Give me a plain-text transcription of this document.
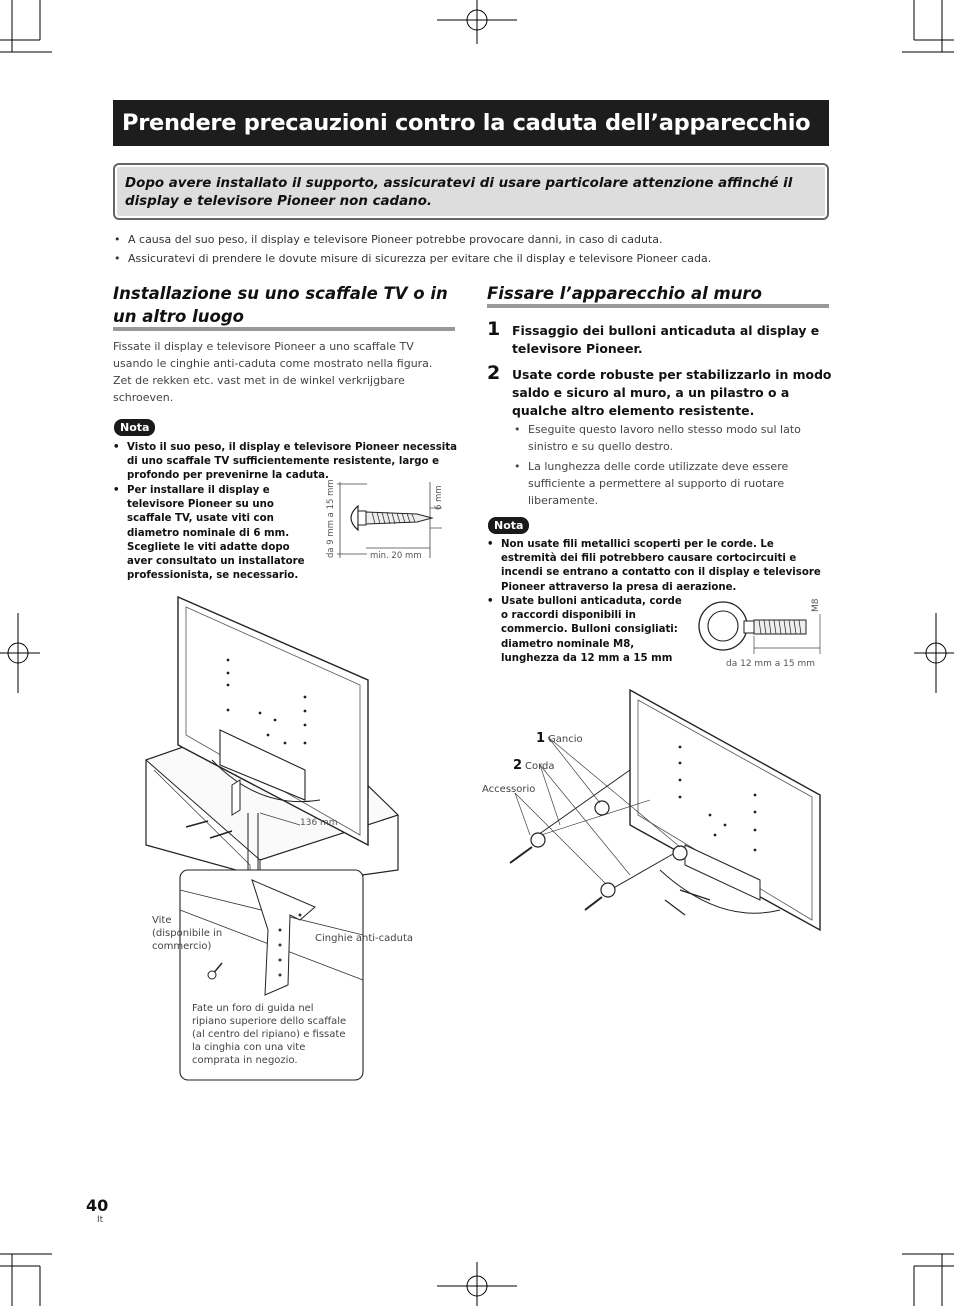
Prendere precauzioni contro la caduta dell’apparecchio

Dopo avere installato il supporto, assicuratevi di usare particolare attenzione affinché il display e televisore Pioneer non cadano.

• A causa del suo peso, il display e televisore Pioneer potrebbe provocare danni, in caso di caduta.
• Assicuratevi di prendere le dovute misure di sicurezza per evitare che il display e televisore Pioneer cada.
Installazione su uno scaffale TV o in un altro luogo
Fissate il display e televisore Pioneer a uno scaffale TV usando le cinghie anti-caduta come mostrato nella figura. Zet de rekken etc. vast met in de winkel verkrijgbare schroeven.
Nota
• Visto il suo peso, il display e televisore Pioneer necessita di uno scaffale TV sufficientemente resistente, largo e profondo per prevenirne la caduta.
• Per installare il display e televisore Pioneer su uno scaffale TV, usate viti con diametro nominale di 6 mm. Scegliete le viti adatte dopo aver consultato un installatore professionista, se necessario.
da 9 mm a 15 mm	6 mm
min. 20 mm
136 mm
Vite
(disponibile in
commercio)
Cinghie anti-caduta
Fate un foro di guida nel
ripiano superiore dello scaffale
(al centro del ripiano) e fissate
la cinghia con una vite
comprata in negozio.
Fissare l’apparecchio al muro
1 Fissaggio dei bulloni anticaduta al display e televisore Pioneer.
2 Usate corde robuste per stabilizzarlo in modo saldo e sicuro al muro, a un pilastro o a qualche altro elemento resistente.
• Eseguite questo lavoro nello stesso modo sul lato sinistro e su quello destro.
• La lunghezza delle corde utilizzate deve essere sufficiente a permettere al supporto di ruotare liberamente.
Nota
• Non usate fili metallici scoperti per le corde. Le estremità dei fili potrebbero causare cortocircuiti e incendi se entrano a contatto con il display e televisore Pioneer attraverso la presa di aerazione.
• Usate bulloni anticaduta, corde o raccordi disponibili in commercio. Bulloni consigliati: diametro nominale M8, lunghezza da 12 mm a 15 mm
M8
da 12 mm a 15 mm
1 Gancio
2 Corda
Accessorio
40
It
